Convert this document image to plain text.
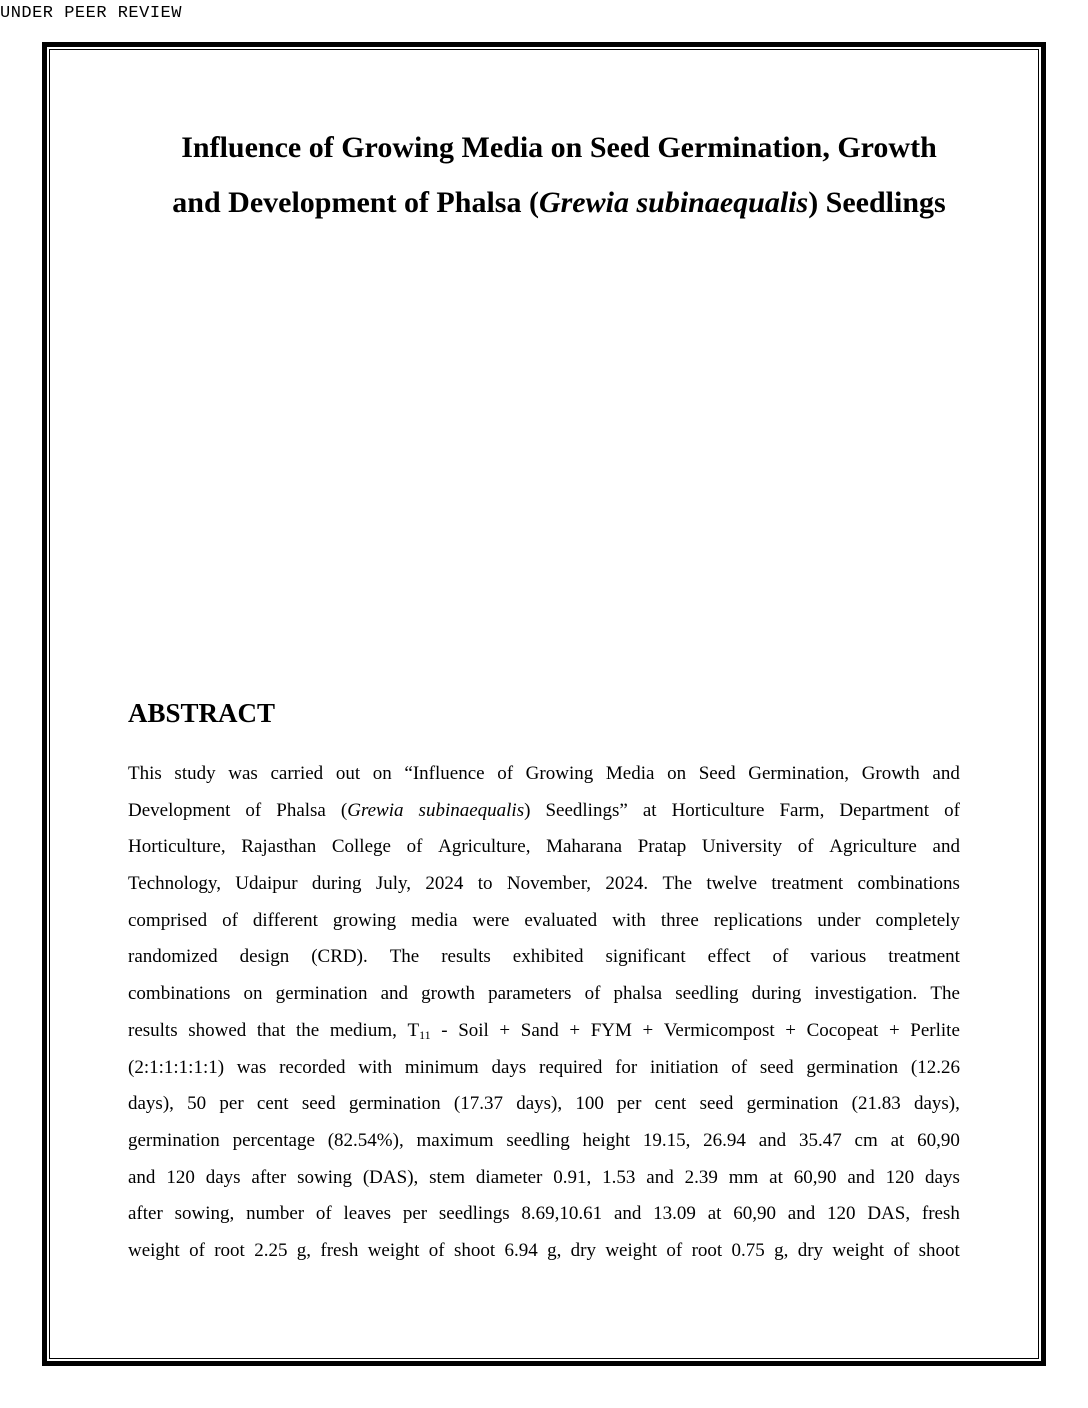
UNDER PEER REVIEW
Influence of Growing Media on Seed Germination, Growth
and Development of Phalsa (Grewia subinaequalis) Seedlings
ABSTRACT
This study was carried out on “Influence of Growing Media on Seed Germination, Growth and
Development of Phalsa (Grewia subinaequalis) Seedlings” at Horticulture Farm, Department of
Horticulture, Rajasthan College of Agriculture, Maharana Pratap University of Agriculture and
Technology, Udaipur during July, 2024 to November, 2024. The twelve treatment combinations
comprised of different growing media were evaluated with three replications under completely
randomized design (CRD). The results exhibited significant effect of various treatment
combinations on germination and growth parameters of phalsa seedling during investigation. The
results showed that the medium, $T_{11}$ - Soil + Sand + FYM + Vermicompost + Cocopeat + Perlite
(2:1:1:1:1:1) was recorded with minimum days required for initiation of seed germination (12.26
days), 50 per cent seed germination (17.37 days), 100 per cent seed germination (21.83 days),
germination percentage (82.54%), maximum seedling height 19.15, 26.94 and 35.47 cm at 60,90
and 120 days after sowing (DAS), stem diameter 0.91, 1.53 and 2.39 mm at 60,90 and 120 days
after sowing, number of leaves per seedlings 8.69,10.61 and 13.09 at 60,90 and 120 DAS, fresh
weight of root 2.25 g, fresh weight of shoot 6.94 g, dry weight of root 0.75 g, dry weight of shoot
